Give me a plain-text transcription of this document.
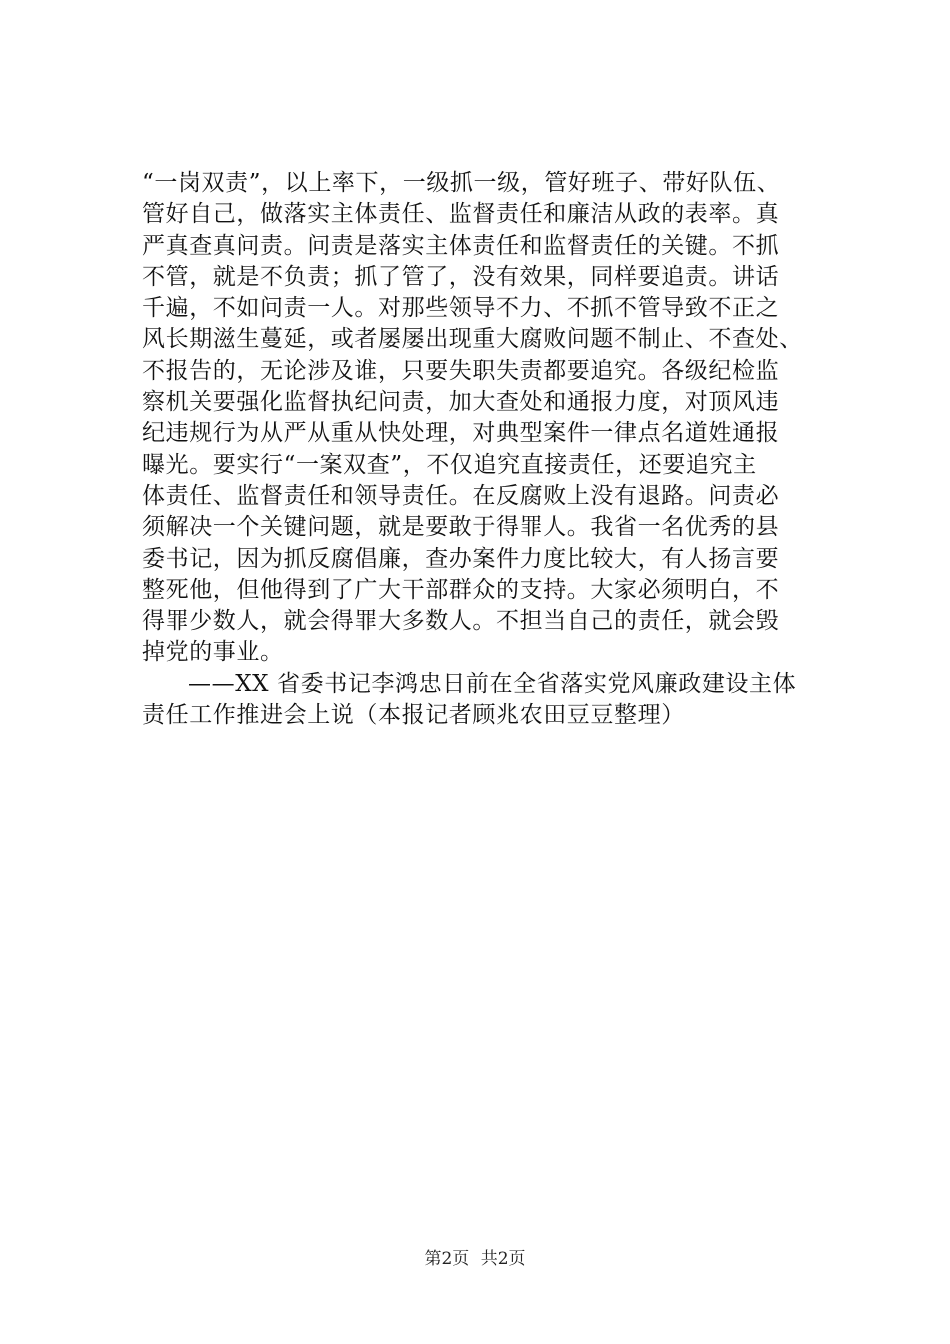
“一岗双责”，以上率下，一级抓一级，管好班子、带好队伍、
管好自己，做落实主体责任、监督责任和廉洁从政的表率。真
严真查真问责。问责是落实主体责任和监督责任的关键。不抓
不管，就是不负责；抓了管了，没有效果，同样要追责。讲话
千遍，不如问责一人。对那些领导不力、不抓不管导致不正之
风长期滋生蔓延，或者屡屡出现重大腐败问题不制止、不查处、
不报告的，无论涉及谁，只要失职失责都要追究。各级纪检监
察机关要强化监督执纪问责，加大查处和通报力度，对顶风违
纪违规行为从严从重从快处理，对典型案件一律点名道姓通报
曝光。要实行“一案双查”，不仅追究直接责任，还要追究主
体责任、监督责任和领导责任。在反腐败上没有退路。问责必
须解决一个关键问题，就是要敢于得罪人。我省一名优秀的县
委书记，因为抓反腐倡廉，查办案件力度比较大，有人扬言要
整死他，但他得到了广大干部群众的支持。大家必须明白，不
得罪少数人，就会得罪大多数人。不担当自己的责任，就会毁
掉党的事业。
——XX 省委书记李鸿忠日前在全省落实党风廉政建设主体
责任工作推进会上说（本报记者顾兆农田豆豆整理）
第2页 共2页
